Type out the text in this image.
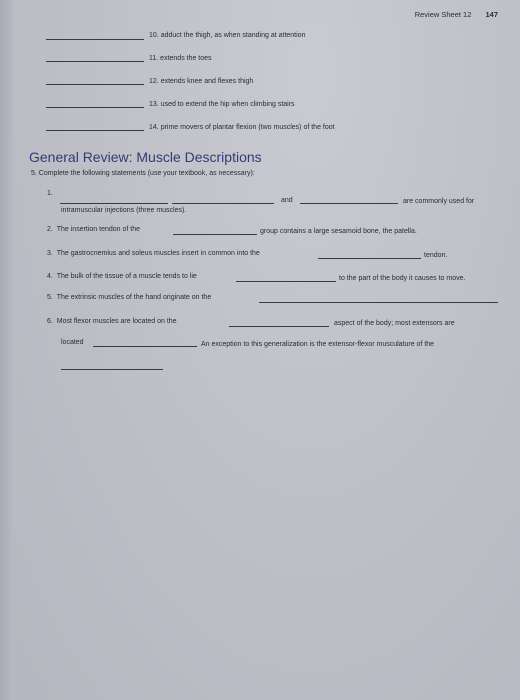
Review Sheet 12 147
10. adduct the thigh, as when standing at attention
11. extends the toes
12. extends knee and flexes thigh
13. used to extend the hip when climbing stairs
14. prime movers of plantar flexion (two muscles) of the foot
General Review: Muscle Descriptions
5. Complete the following statements (use your textbook, as necessary):
1.
and	are commonly used for
intramuscular injections (three muscles).
2. The insertion tendon of the	group contains a large sesamoid bone, the patella.
3. The gastrocnemius and soleus muscles insert in common into the	tendon.
4. The bulk of the tissue of a muscle tends to lie	to the part of the body it causes to move.
5. The extrinsic muscles of the hand originate on the
6. Most flexor muscles are located on the	aspect of the body; most extensors are
located	An exception to this generalization is the extensor-flexor musculature of the
